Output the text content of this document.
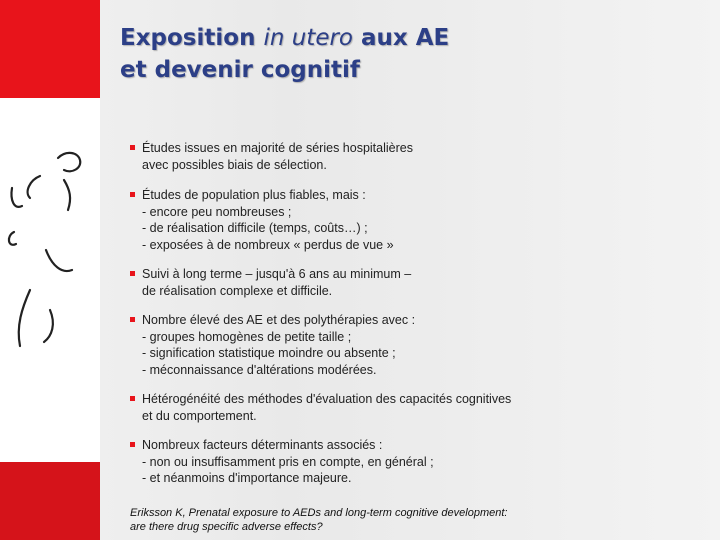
Exposition in utero aux AE
et devenir cognitif
Études issues en majorité de séries hospitalières
avec possibles biais de sélection.
Études de population plus fiables, mais :
- encore peu nombreuses ;
- de réalisation difficile (temps, coûts…) ;
- exposées à de nombreux « perdus de vue »
Suivi à long terme – jusqu'à 6 ans au minimum –
de réalisation complexe et difficile.
Nombre élevé des AE et des polythérapies avec :
- groupes homogènes de petite taille ;
- signification statistique moindre ou absente ;
- méconnaissance d'altérations modérées.
Hétérogénéité des méthodes d'évaluation des capacités cognitives
et du comportement.
Nombreux facteurs déterminants associés :
- non ou insuffisamment pris en compte, en général ;
- et néanmoins d'importance majeure.
Eriksson K, Prenatal exposure to AEDs and long-term cognitive development:
are there drug specific adverse effects?
